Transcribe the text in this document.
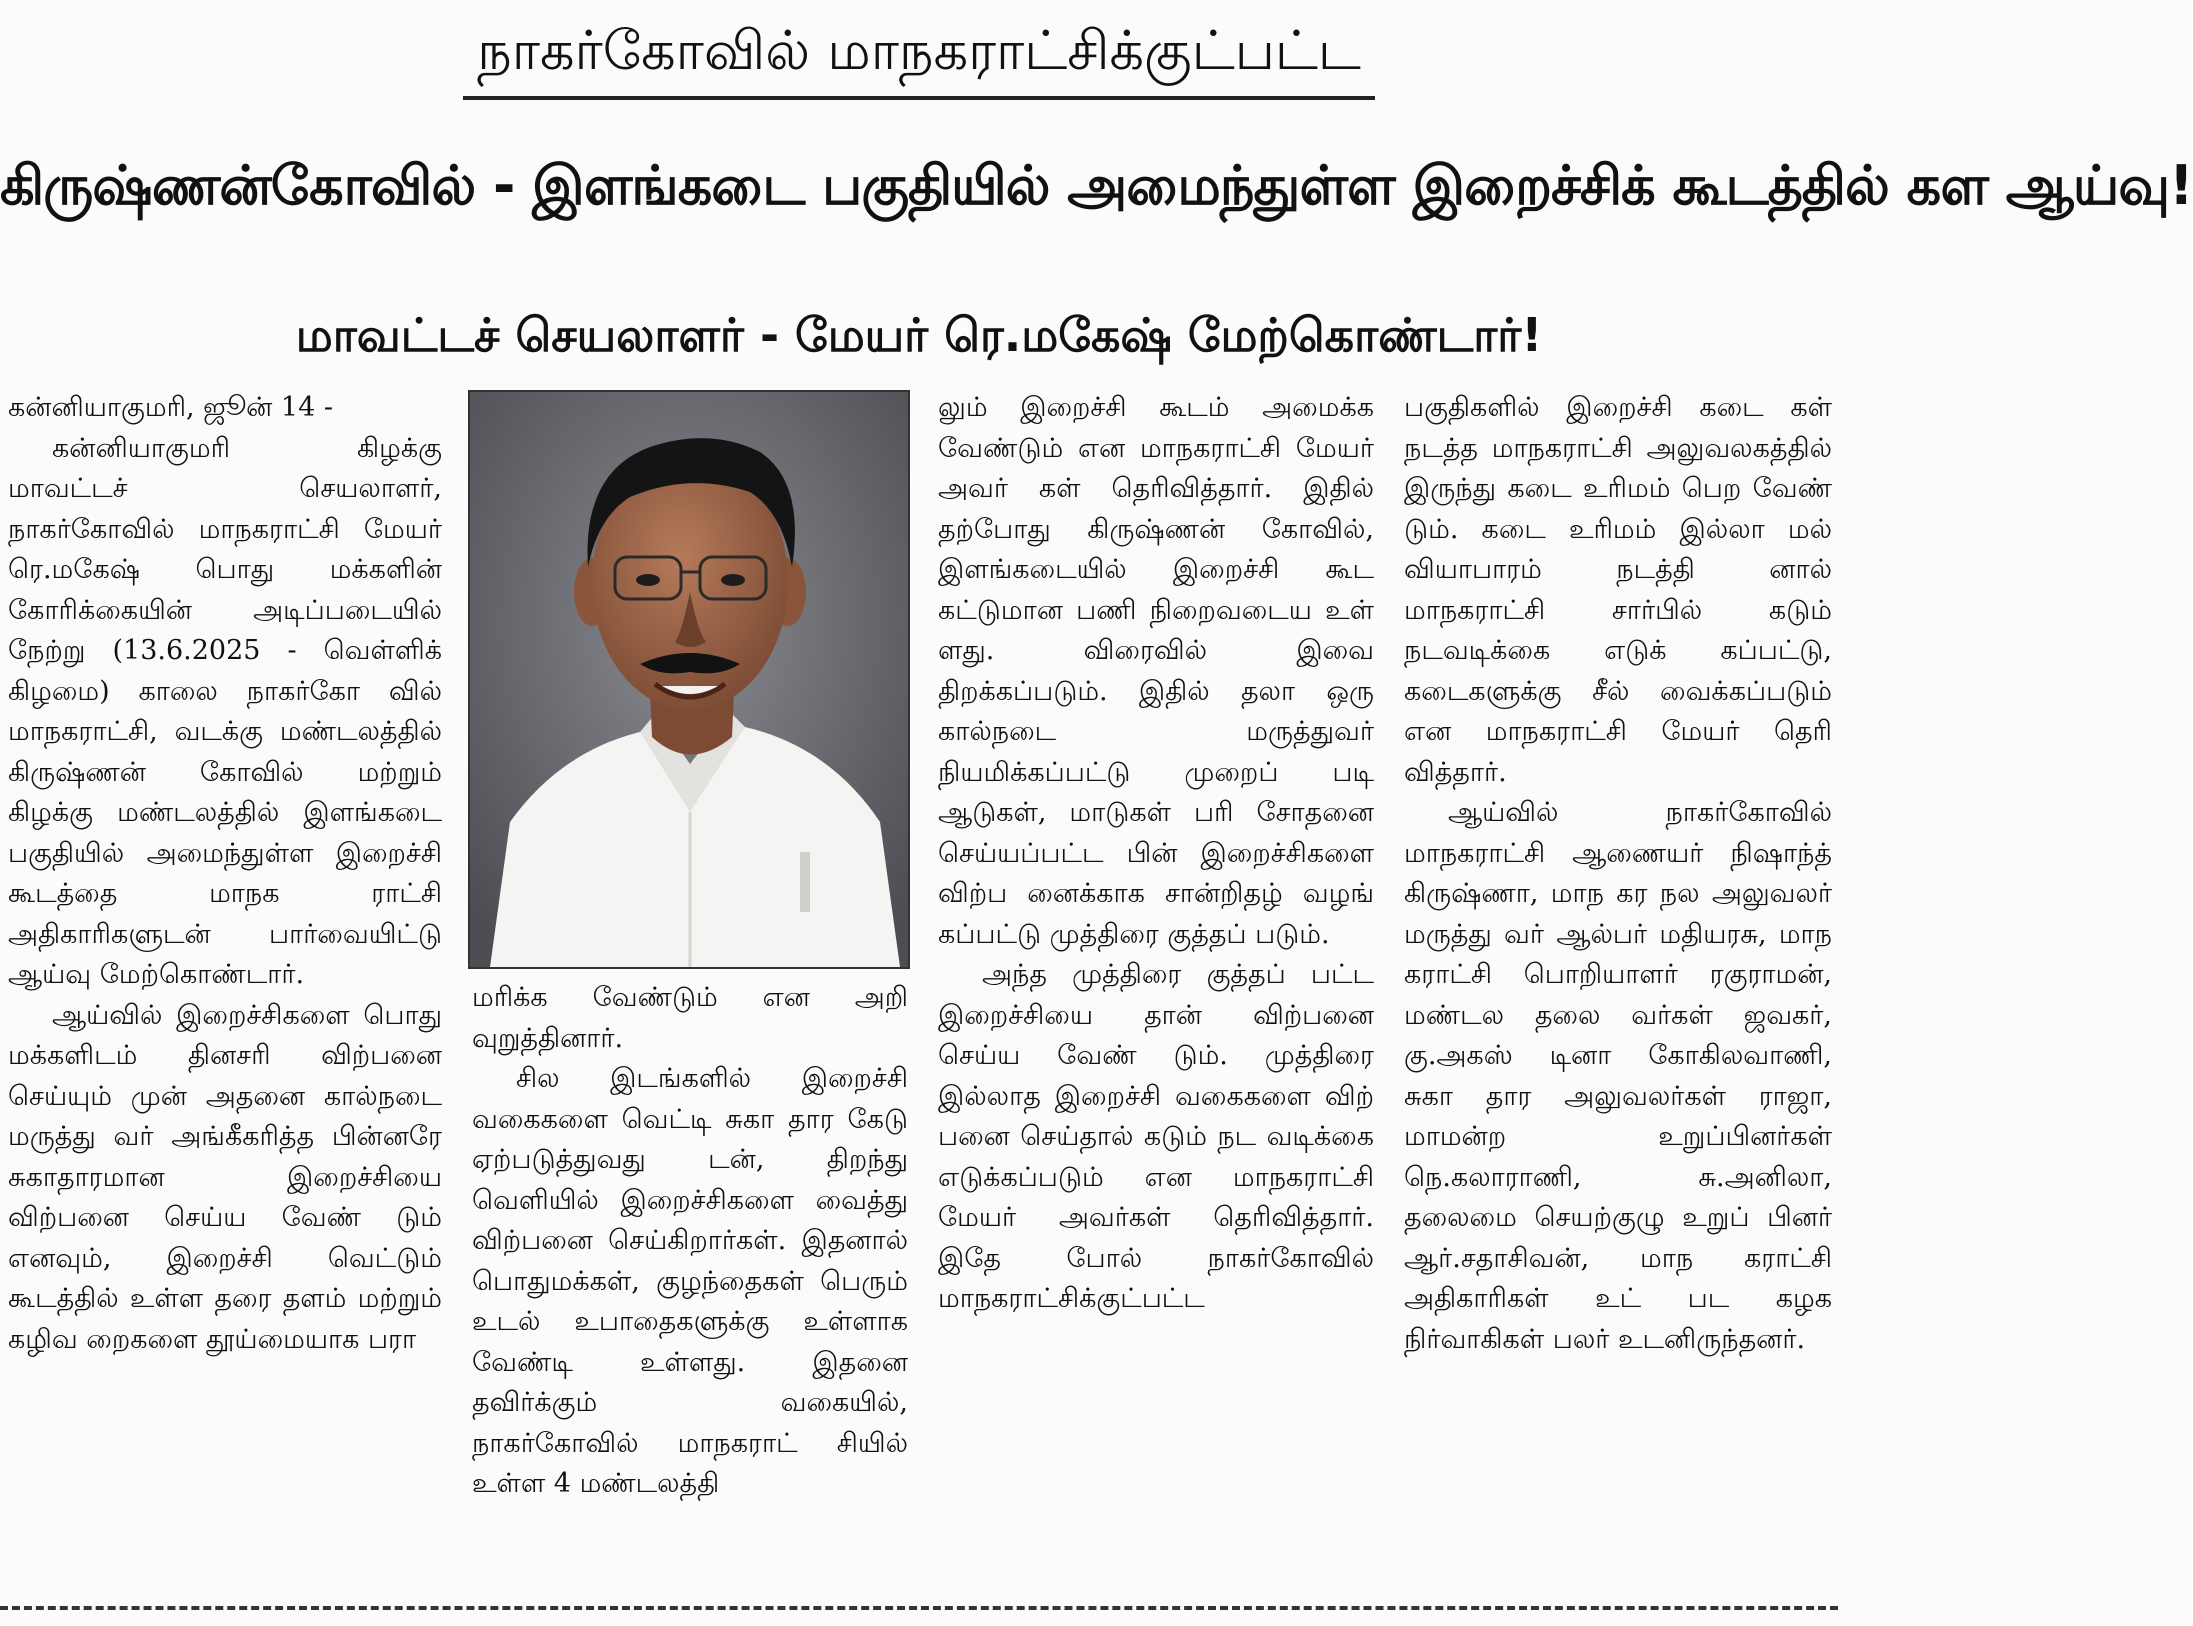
நாகர்கோவில் மாநகராட்சிக்குட்பட்ட
கிருஷ்ணன்கோவில் - இளங்கடை பகுதியில் அமைந்துள்ள இறைச்சிக் கூடத்தில் கள ஆய்வு!
மாவட்டச் செயலாளர் - மேயர் ரெ.மகேஷ் மேற்கொண்டார்!

கன்னியாகுமரி, ஜூன் 14 -

கன்னியாகுமரி கிழக்கு மாவட்டச் செயலாளர், நாகர்கோவில் மாநகராட்சி மேயர் ரெ.மகேஷ் பொது மக்களின் கோரிக்கையின் அடிப்படையில் நேற்று (13.6.2025 - வெள்ளிக் கிழமை) காலை நாகர்கோ வில் மாநகராட்சி, வடக்கு மண்டலத்தில் கிருஷ்ணன் கோவில் மற்றும் கிழக்கு மண்டலத்தில் இளங்கடை பகுதியில் அமைந்துள்ள இறைச்சி கூடத்தை மாநக ராட்சி அதிகாரிகளுடன் பார்வையிட்டு ஆய்வு மேற்கொண்டார்.

ஆய்வில் இறைச்சிகளை பொது மக்களிடம் தினசரி விற்பனை செய்யும் முன் அதனை கால்நடை மருத்து வர் அங்கீகரித்த பின்னரே சுகாதாரமான இறைச்சியை விற்பனை செய்ய வேண் டும் எனவும், இறைச்சி வெட்டும் கூடத்தில் உள்ள தரை தளம் மற்றும் கழிவ றைகளை தூய்மையாக பரா

மரிக்க வேண்டும் என அறி வுறுத்தினார்.

சில இடங்களில் இறைச்சி வகைகளை வெட்டி சுகா தார கேடு ஏற்படுத்துவது டன், திறந்து வெளியில் இறைச்சிகளை வைத்து விற்பனை செய்கிறார்கள். இதனால் பொதுமக்கள், குழந்தைகள் பெரும் உடல் உபாதைகளுக்கு உள்ளாக வேண்டி உள்ளது. இதனை தவிர்க்கும் வகையில், நாகர்கோவில் மாநகராட் சியில் உள்ள 4 மண்டலத்தி

லும் இறைச்சி கூடம் அமைக்க வேண்டும் என மாநகராட்சி மேயர் அவர் கள் தெரிவித்தார். இதில் தற்போது கிருஷ்ணன் கோவில், இளங்கடையில் இறைச்சி கூட கட்டுமான பணி நிறைவடைய உள் ளது. விரைவில் இவை திறக்கப்படும். இதில் தலா ஒரு கால்நடை மருத்துவர் நியமிக்கப்பட்டு முறைப் படி ஆடுகள், மாடுகள் பரி சோதனை செய்யப்பட்ட பின் இறைச்சிகளை விற்ப னைக்காக சான்றிதழ் வழங் கப்பட்டு முத்திரை குத்தப் படும்.

அந்த முத்திரை குத்தப் பட்ட இறைச்சியை தான் விற்பனை செய்ய வேண் டும். முத்திரை இல்லாத இறைச்சி வகைகளை விற் பனை செய்தால் கடும் நட வடிக்கை எடுக்கப்படும் என மாநகராட்சி மேயர் அவர்கள் தெரிவித்தார். இதே போல் நாகர்கோவில் மாநகராட்சிக்குட்பட்ட

பகுதிகளில் இறைச்சி கடை கள் நடத்த மாநகராட்சி அலுவலகத்தில் இருந்து கடை உரிமம் பெற வேண் டும். கடை உரிமம் இல்லா மல் வியாபாரம் நடத்தி னால் மாநகராட்சி சார்பில் கடும் நடவடிக்கை எடுக் கப்பட்டு, கடைகளுக்கு சீல் வைக்கப்படும் என மாநகராட்சி மேயர் தெரி வித்தார்.

ஆய்வில் நாகர்கோவில் மாநகராட்சி ஆணையர் நிஷாந்த் கிருஷ்ணா, மாந கர நல அலுவலர் மருத்து வர் ஆல்பர் மதியரசு, மாந கராட்சி பொறியாளர் ரகுராமன், மண்டல தலை வர்கள் ஜவகர், கு.அகஸ் டினா கோகிலவாணி, சுகா தார அலுவலர்கள் ராஜா, மாமன்ற உறுப்பினர்கள் நெ.கலாராணி, சு.அனிலா, தலைமை செயற்குழு உறுப் பினர் ஆர்.சதாசிவன், மாந கராட்சி அதிகாரிகள் உட் பட கழக நிர்வாகிகள் பலர் உடனிருந்தனர்.
